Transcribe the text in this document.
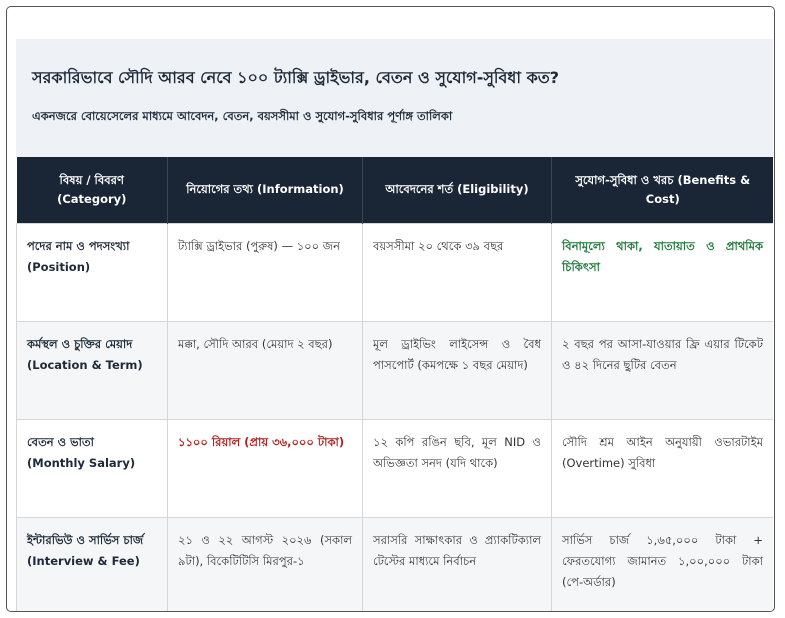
সরকারিভাবে সৌদি আরব নেবে ১০০ ট্যাক্সি ড্রাইভার, বেতন ও সুযোগ-সুবিধা কত?

একনজরে বোয়েসেলের মাধ্যমে আবেদন, বেতন, বয়সসীমা ও সুযোগ-সুবিধার পূর্ণাঙ্গ তালিকা

বিষয় / বিবরণ (Category)	নিয়োগের তথ্য (Information)	আবেদনের শর্ত (Eligibility)	সুযোগ-সুবিধা ও খরচ (Benefits & Cost)
পদের নাম ও পদসংখ্যা
(Position)	ট্যাক্সি ড্রাইভার (পুরুষ) — ১০০ জন	বয়সসীমা ২০ থেকে ৩৯ বছর	বিনামূল্যে থাকা, যাতায়াত ও প্রাথমিক চিকিৎসা
কর্মস্থল ও চুক্তির মেয়াদ
(Location & Term)	মক্কা, সৌদি আরব (মেয়াদ ২ বছর)	মূল ড্রাইভিং লাইসেন্স ও বৈধ পাসপোর্ট (কমপক্ষে ১ বছর মেয়াদ)	২ বছর পর আসা-যাওয়ার ফ্রি এয়ার টিকেট ও ৪২ দিনের ছুটির বেতন
বেতন ও ভাতা
(Monthly Salary)	১১০০ রিয়াল (প্রায় ৩৬,০০০ টাকা)	১২ কপি রঙিন ছবি, মূল NID ও অভিজ্ঞতা সনদ (যদি থাকে)	সৌদি শ্রম আইন অনুযায়ী ওভারটাইম (Overtime) সুবিধা
ইন্টারভিউ ও সার্ভিস চার্জ
(Interview & Fee)	২১ ও ২২ আগস্ট ২০২৬ (সকাল ৯টা), বিকেটিটিসি মিরপুর-১	সরাসরি সাক্ষাৎকার ও প্র্যাকটিক্যাল টেস্টের মাধ্যমে নির্বাচন	সার্ভিস চার্জ ১,৬৫,০০০ টাকা + ফেরতযোগ্য জামানত ১,০০,০০০ টাকা (পে-অর্ডার)
